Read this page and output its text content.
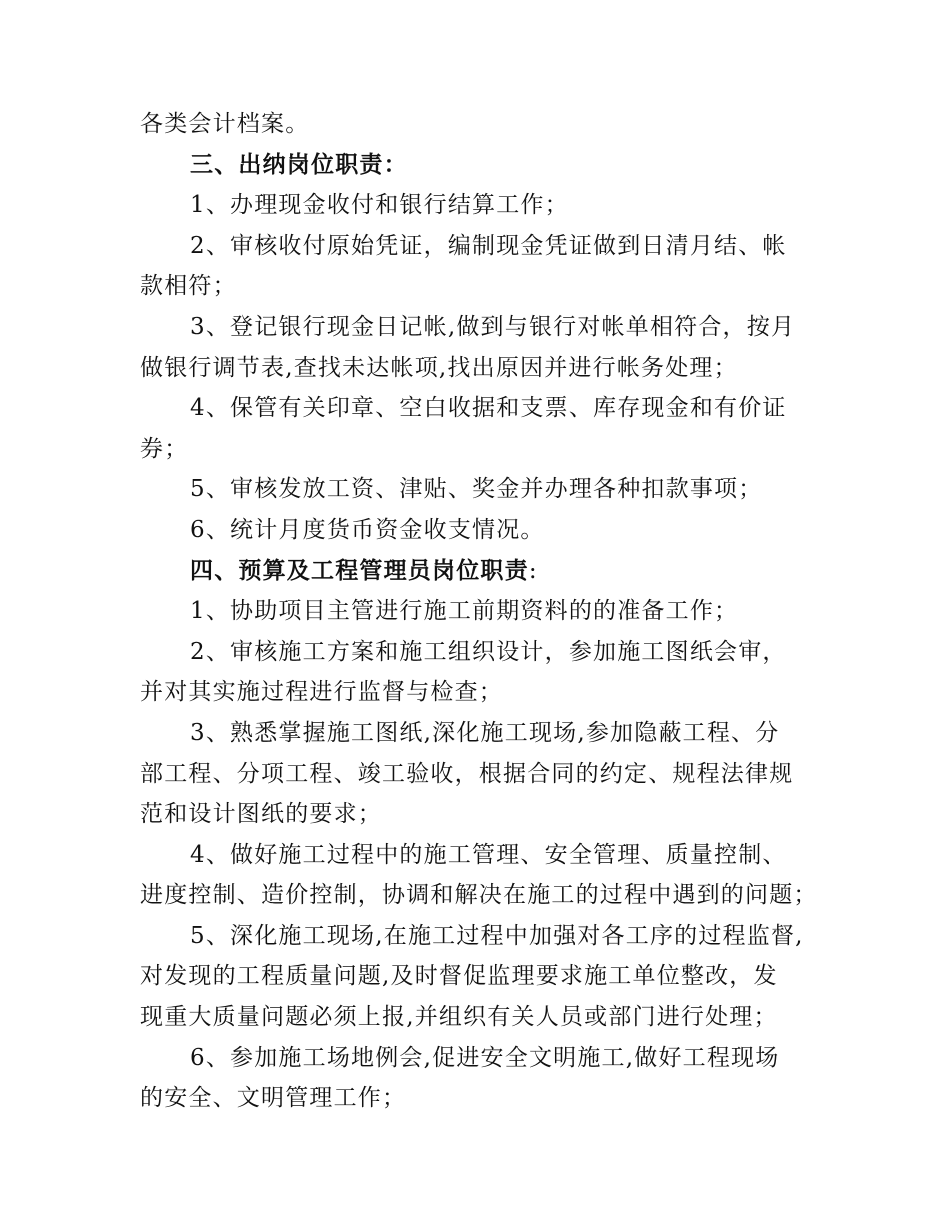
各类会计档案。

三、出纳岗位职责：

1、办理现金收付和银行结算工作；

2、审核收付原始凭证，编制现金凭证做到日清月结、帐
款相符；

3、登记银行现金日记帐,做到与银行对帐单相符合，按月
做银行调节表,查找未达帐项,找出原因并进行帐务处理；

4、保管有关印章、空白收据和支票、库存现金和有价证
券；

5、审核发放工资、津贴、奖金并办理各种扣款事项；

6、统计月度货币资金收支情况。

四、预算及工程管理员岗位职责:

1、协助项目主管进行施工前期资料的的准备工作；

2、审核施工方案和施工组织设计，参加施工图纸会审，
并对其实施过程进行监督与检查；

3、熟悉掌握施工图纸,深化施工现场,参加隐蔽工程、分
部工程、分项工程、竣工验收，根据合同的约定、规程法律规
范和设计图纸的要求；

4、做好施工过程中的施工管理、安全管理、质量控制、
进度控制、造价控制，协调和解决在施工的过程中遇到的问题；

5、深化施工现场,在施工过程中加强对各工序的过程监督,
对发现的工程质量问题,及时督促监理要求施工单位整改，发
现重大质量问题必须上报,并组织有关人员或部门进行处理；

6、参加施工场地例会,促进安全文明施工,做好工程现场
的安全、文明管理工作；
